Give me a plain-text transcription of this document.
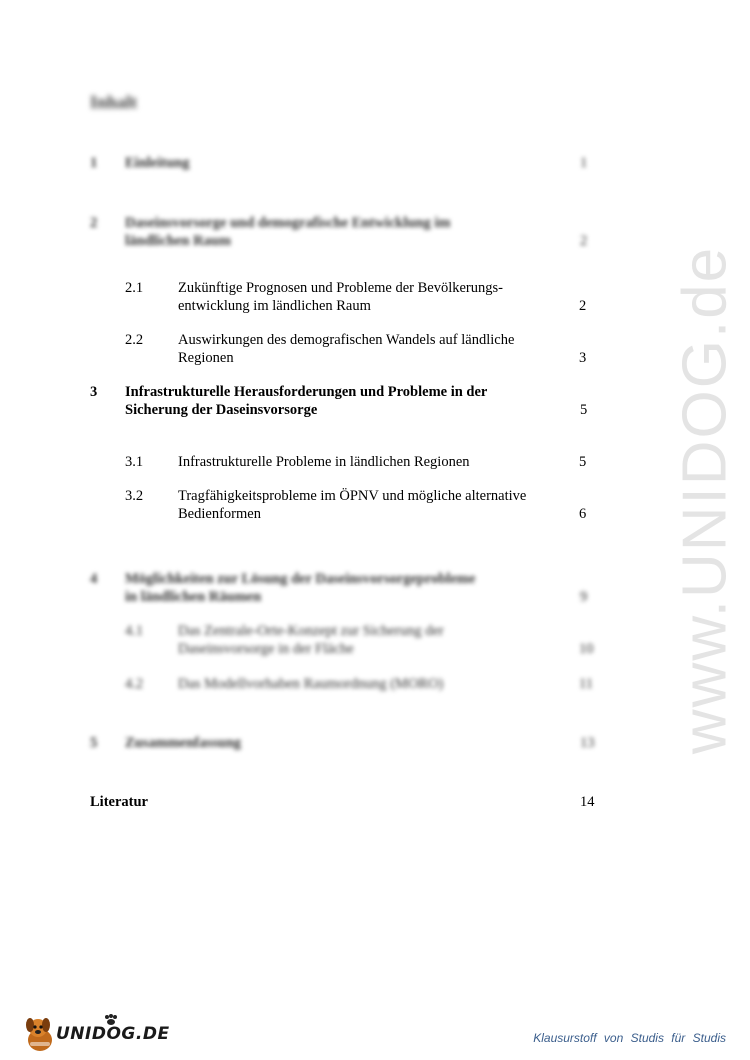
www.UNIDOG.de
Inhalt
1 Einleitung	1
2 Daseinsvorsorge und demografische Entwicklung im
ländlichen Raum	2
2.1 Zukünftige Prognosen und Probleme der Bevölkerungs-
entwicklung im ländlichen Raum	2
2.2 Auswirkungen des demografischen Wandels auf ländliche
Regionen	3
3 Infrastrukturelle Herausforderungen und Probleme in der
Sicherung der Daseinsvorsorge	5
3.1 Infrastrukturelle Probleme in ländlichen Regionen	5
3.2 Tragfähigkeitsprobleme im ÖPNV und mögliche alternative
Bedienformen	6
4 Möglichkeiten zur Lösung der Daseinsvorsorgeprobleme
in ländlichen Räumen	9
4.1 Das Zentrale-Orte-Konzept zur Sicherung der
Daseinsvorsorge in der Fläche	10
4.2 Das Modellvorhaben Raumordnung (MORO)	11
5 Zusammenfassung	13
Literatur	14
UNIDOG.DE	Klausurstoff von Studis für Studis
